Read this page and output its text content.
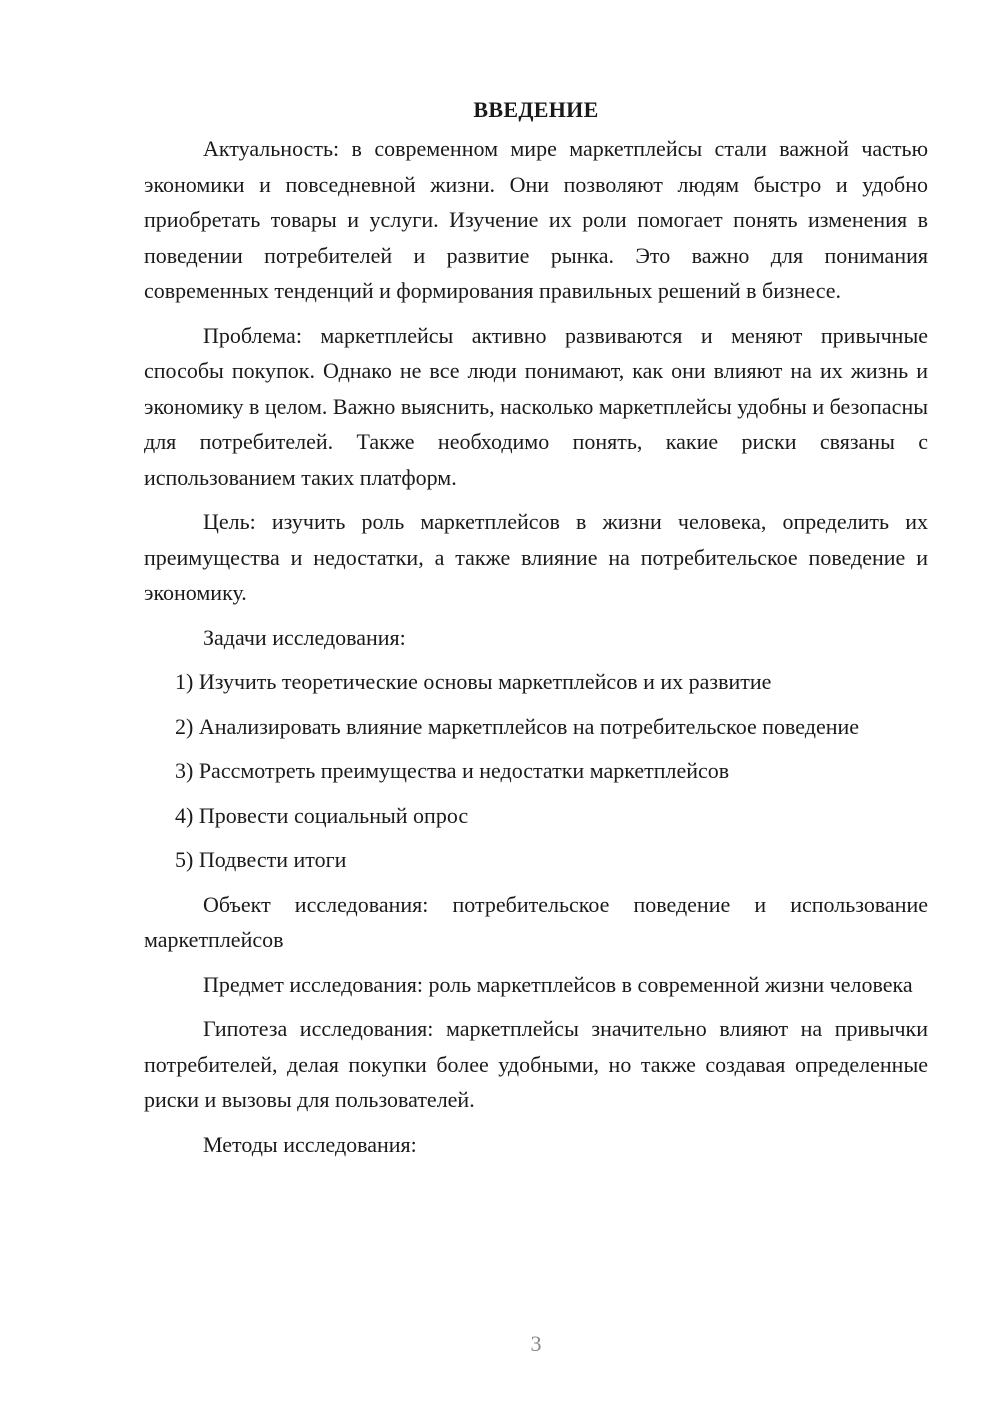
ВВЕДЕНИЕ

Актуальность: в современном мире маркетплейсы стали важной частью экономики и повседневной жизни. Они позволяют людям быстро и удобно приобретать товары и услуги. Изучение их роли помогает понять изменения в поведении потребителей и развитие рынка. Это важно для понимания современных тенденций и формирования правильных решений в бизнесе.

Проблема: маркетплейсы активно развиваются и меняют привычные способы покупок. Однако не все люди понимают, как они влияют на их жизнь и экономику в целом. Важно выяснить, насколько маркетплейсы удобны и безопасны для потребителей. Также необходимо понять, какие риски связаны с использованием таких платформ.

Цель: изучить роль маркетплейсов в жизни человека, определить их преимущества и недостатки, а также влияние на потребительское поведение и экономику.

Задачи исследования:

1) Изучить теоретические основы маркетплейсов и их развитие

2) Анализировать влияние маркетплейсов на потребительское поведение

3) Рассмотреть преимущества и недостатки маркетплейсов

4) Провести социальный опрос

5) Подвести итоги

Объект исследования: потребительское поведение и использование маркетплейсов

Предмет исследования: роль маркетплейсов в современной жизни человека

Гипотеза исследования: маркетплейсы значительно влияют на привычки потребителей, делая покупки более удобными, но также создавая определенные риски и вызовы для пользователей.

Методы исследования:

3
